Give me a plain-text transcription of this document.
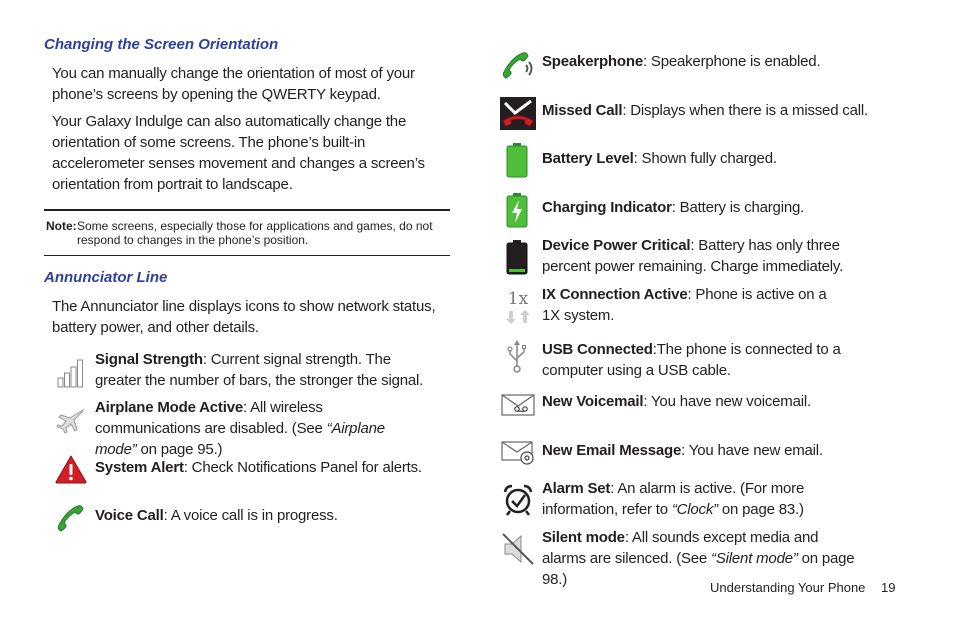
Changing the Screen Orientation
You can manually change the orientation of most of your phone’s screens by opening the QWERTY keypad.
Your Galaxy Indulge can also automatically change the orientation of some screens. The phone’s built-in accelerometer senses movement and changes a screen’s orientation from portrait to landscape.
Note: Some screens, especially those for applications and games, do not respond to changes in the phone’s position.
Annunciator Line
The Annunciator line displays icons to show network status, battery power, and other details.
Signal Strength: Current signal strength. The greater the number of bars, the stronger the signal.
Airplane Mode Active: All wireless communications are disabled. (See “Airplane mode” on page 95.)
System Alert: Check Notifications Panel for alerts.
Voice Call: A voice call is in progress.
Speakerphone: Speakerphone is enabled.
Missed Call: Displays when there is a missed call.
Battery Level: Shown fully charged.
Charging Indicator: Battery is charging.
Device Power Critical: Battery has only three percent power remaining. Charge immediately.
1x IX Connection Active: Phone is active on a 1X system.
USB Connected:The phone is connected to a computer using a USB cable.
New Voicemail: You have new voicemail.
New Email Message: You have new email.
Alarm Set: An alarm is active. (For more information, refer to “Clock” on page 83.)
Silent mode: All sounds except media and alarms are silenced. (See “Silent mode” on page 98.)	Understanding Your Phone 19
